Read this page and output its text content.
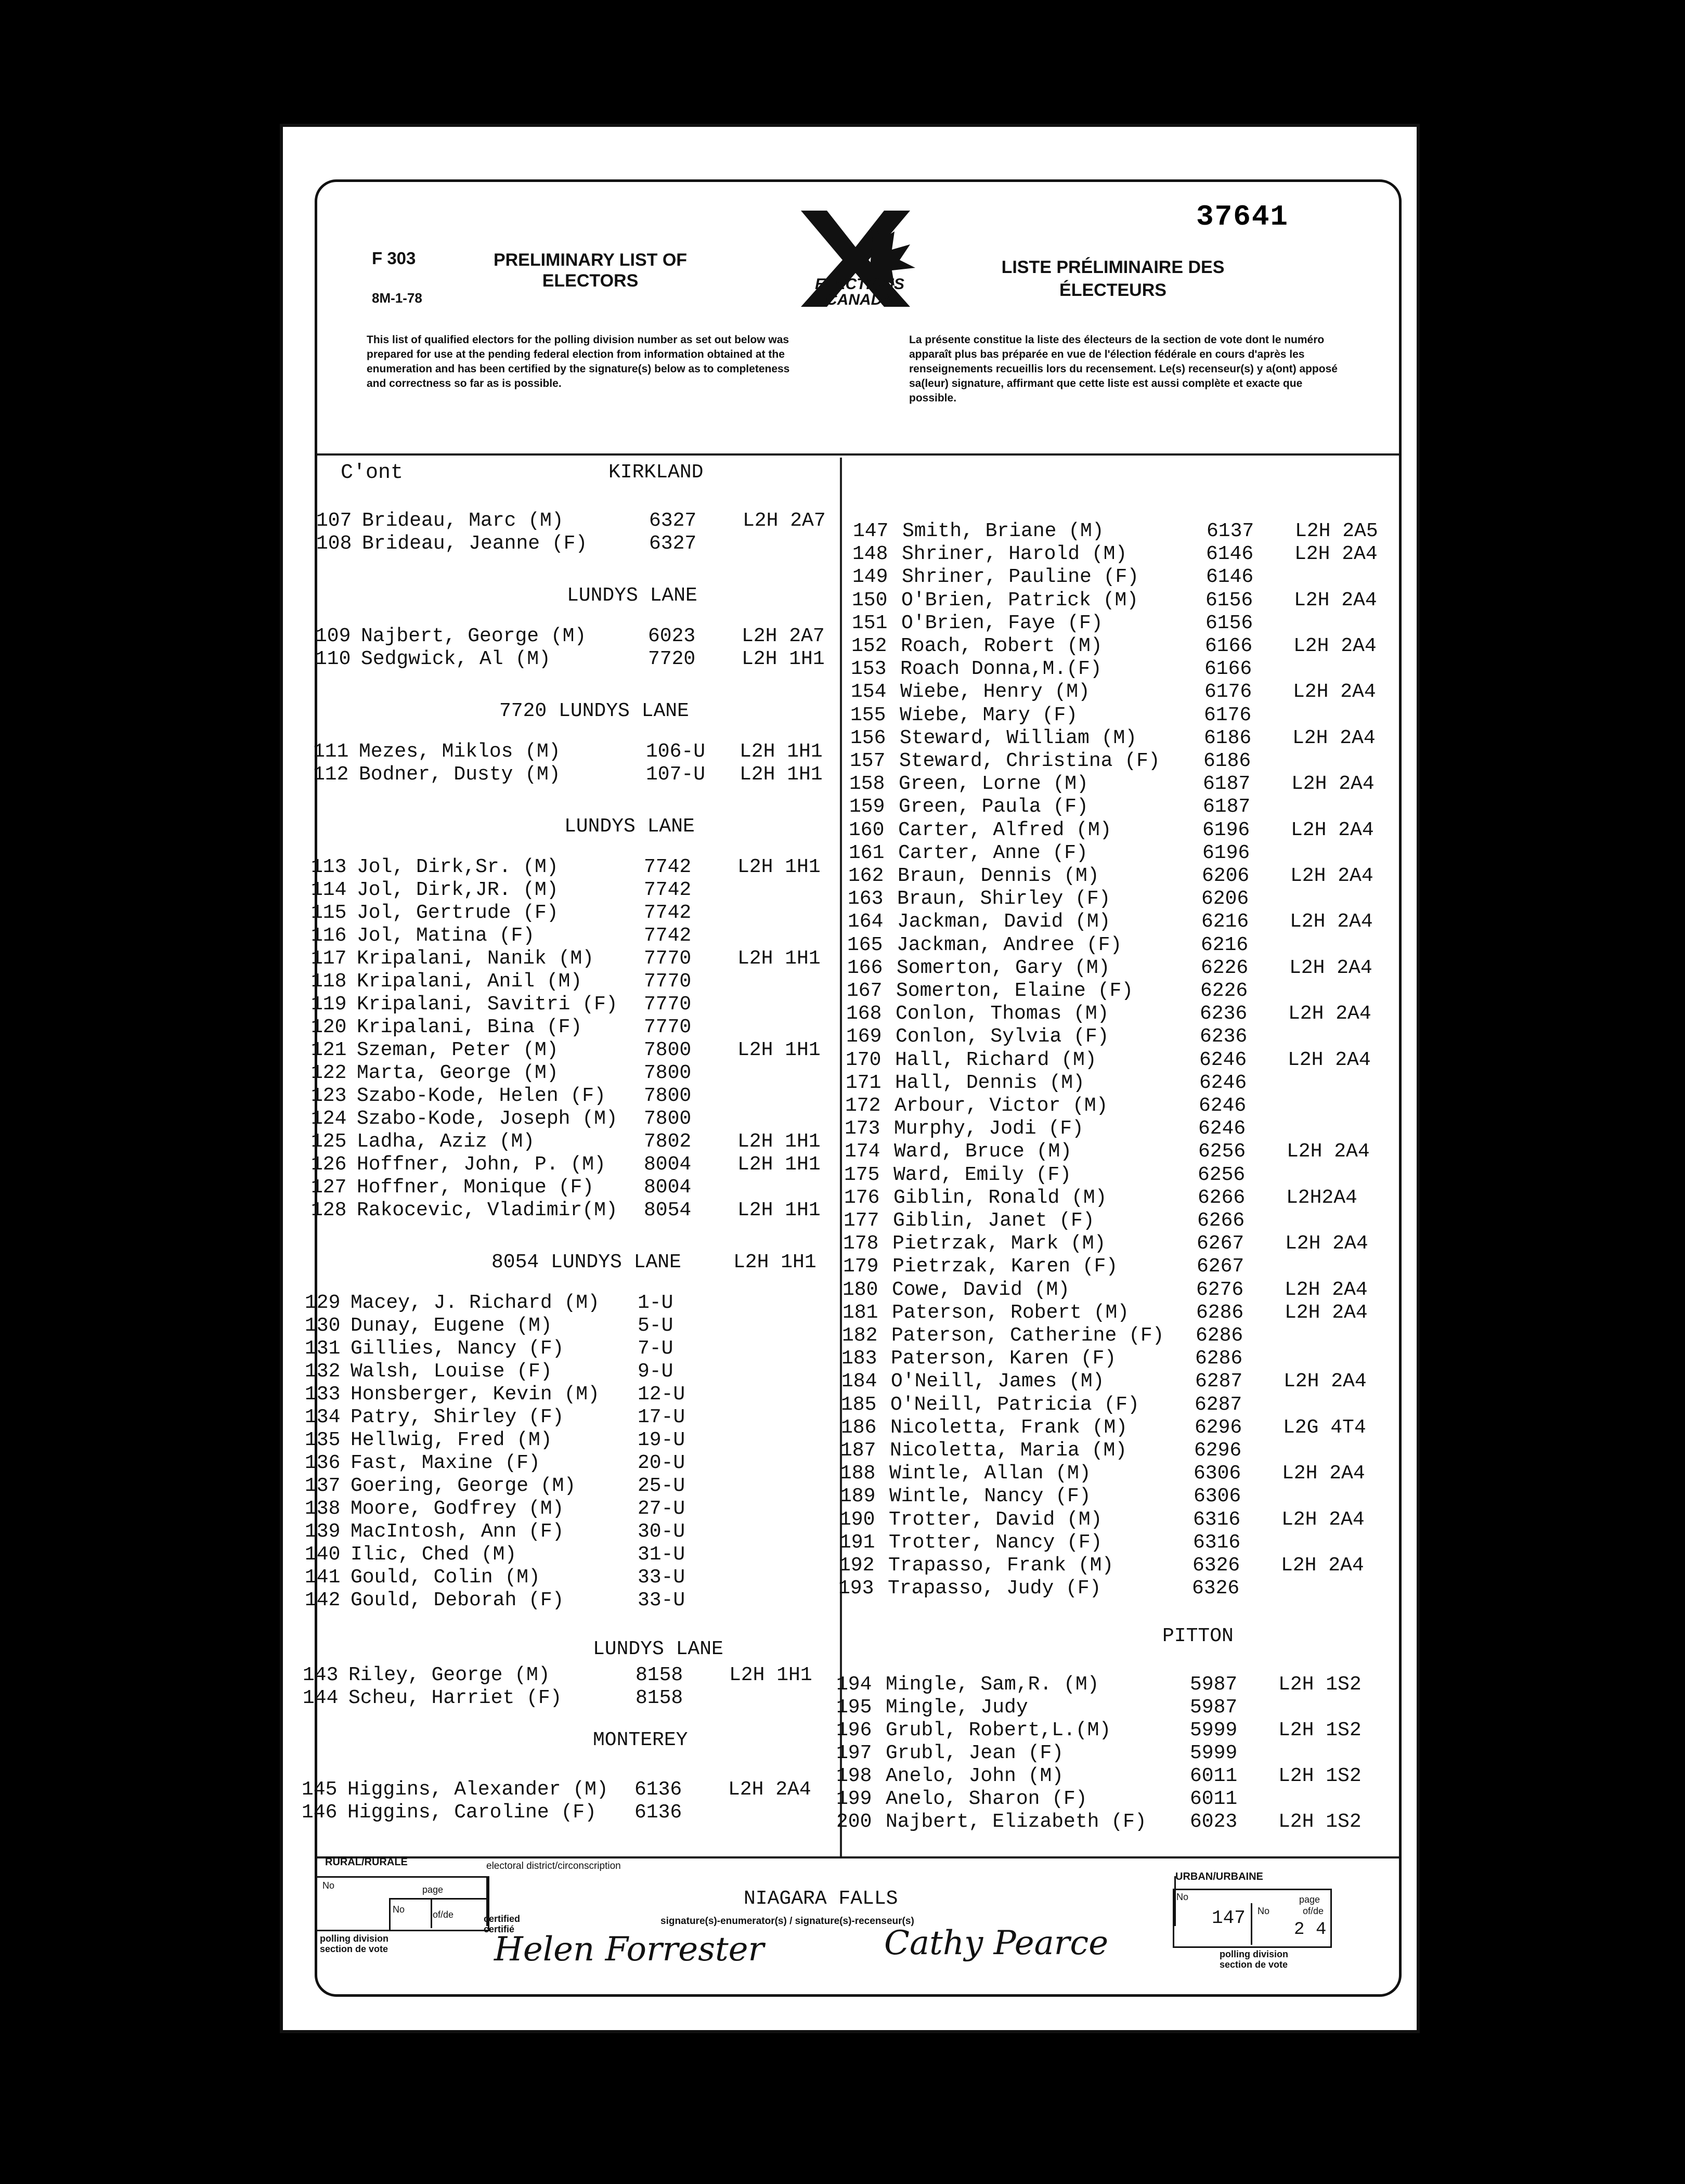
F 303
8M-1-78
PRELIMINARY LIST OF ELECTORS
LISTE PRÉLIMINAIRE DES ÉLECTEURS
37641
ELECTIONS
CANADA
This list of qualified electors for the polling division number as set out below was prepared for use at the pending federal election from information obtained at the enumeration and has been certified by the signature(s) below as to completeness and correctness so far as is possible.
La présente constitue la liste des électeurs de la section de vote dont le numéro apparaît plus bas préparée en vue de l'élection fédérale en cours d'après les renseignements recueillis lors du recensement. Le(s) recenseur(s) y a(ont) apposé sa(leur) signature, affirmant que cette liste est aussi complète et exacte que possible.
C'ont
107 Brideau, Marc (M)	6327 L2H 2A7
108 Brideau, Jeanne (F)	6327
109 Najbert, George (M)	6023 L2H 2A7
110 Sedgwick, Al (M)	7720 L2H 1H1
111 Mezes, Miklos (M)	106-U L2H 1H1
112 Bodner, Dusty (M)	107-U L2H 1H1
113 Jol, Dirk,Sr. (M)	7742 L2H 1H1
114 Jol, Dirk,JR. (M)	7742
115 Jol, Gertrude (F)	7742
116 Jol, Matina (F)	7742
117 Kripalani, Nanik (M)	7770 L2H 1H1
118 Kripalani, Anil (M)	7770
119 Kripalani, Savitri (F) 7770
120 Kripalani, Bina (F)	7770
121 Szeman, Peter (M)	7800 L2H 1H1
122 Marta, George (M)	7800
123 Szabo-Kode, Helen (F) 7800
124 Szabo-Kode, Joseph (M) 7800
125 Ladha, Aziz (M)	7802 L2H 1H1
126 Hoffner, John, P. (M) 8004 L2H 1H1
127 Hoffner, Monique (F)	8004
128 Rakocevic, Vladimir(M) 8054 L2H 1H1
129 Macey, J. Richard (M) 1-U
130 Dunay, Eugene (M)	5-U
131 Gillies, Nancy (F)	7-U
132 Walsh, Louise (F)	9-U
133 Honsberger, Kevin (M) 12-U
134 Patry, Shirley (F)	17-U
135 Hellwig, Fred (M)	19-U
136 Fast, Maxine (F)	20-U
137 Goering, George (M)	25-U
138 Moore, Godfrey (M)	27-U
139 MacIntosh, Ann (F)	30-U
140 Ilic, Ched (M)	31-U
141 Gould, Colin (M)	33-U
142 Gould, Deborah (F)	33-U
143 Riley, George (M)	8158 L2H 1H1
144 Scheu, Harriet (F)	8158
145 Higgins, Alexander (M) 6136 L2H 2A4
146 Higgins, Caroline (F) 6136
KIRKLAND
LUNDYS LANE
7720 LUNDYS LANE
LUNDYS LANE
8054 LUNDYS LANE
LUNDYS LANE
MONTEREY
L2H 1H1
147 Smith, Briane (M)	6137 L2H 2A5
148 Shriner, Harold (M)	6146 L2H 2A4
149 Shriner, Pauline (F)	6146
150 O'Brien, Patrick (M)	6156 L2H 2A4
151 O'Brien, Faye (F)	6156
152 Roach, Robert (M)	6166 L2H 2A4
153 Roach Donna,M.(F)	6166
154 Wiebe, Henry (M)	6176 L2H 2A4
155 Wiebe, Mary (F)	6176
156 Steward, William (M)	6186 L2H 2A4
157 Steward, Christina (F) 6186
158 Green, Lorne (M)	6187 L2H 2A4
159 Green, Paula (F)	6187
160 Carter, Alfred (M)	6196 L2H 2A4
161 Carter, Anne (F)	6196
162 Braun, Dennis (M)	6206 L2H 2A4
163 Braun, Shirley (F)	6206
164 Jackman, David (M)	6216 L2H 2A4
165 Jackman, Andree (F)	6216
166 Somerton, Gary (M)	6226 L2H 2A4
167 Somerton, Elaine (F)	6226
168 Conlon, Thomas (M)	6236 L2H 2A4
169 Conlon, Sylvia (F)	6236
170 Hall, Richard (M)	6246 L2H 2A4
171 Hall, Dennis (M)	6246
172 Arbour, Victor (M)	6246
173 Murphy, Jodi (F)	6246
174 Ward, Bruce (M)	6256 L2H 2A4
175 Ward, Emily (F)	6256
176 Giblin, Ronald (M)	6266 L2H2A4
177 Giblin, Janet (F)	6266
178 Pietrzak, Mark (M)	6267 L2H 2A4
179 Pietrzak, Karen (F)	6267
180 Cowe, David (M)	6276 L2H 2A4
181 Paterson, Robert (M)	6286 L2H 2A4
182 Paterson, Catherine (F) 6286
183 Paterson, Karen (F)	6286
184 O'Neill, James (M)	6287 L2H 2A4
185 O'Neill, Patricia (F)	6287
186 Nicoletta, Frank (M)	6296 L2G 4T4
187 Nicoletta, Maria (M)	6296
188 Wintle, Allan (M)	6306 L2H 2A4
189 Wintle, Nancy (F)	6306
190 Trotter, David (M)	6316 L2H 2A4
191 Trotter, Nancy (F)	6316
192 Trapasso, Frank (M)	6326 L2H 2A4
193 Trapasso, Judy (F)	6326
194 Mingle, Sam,R. (M)	5987 L2H 1S2
195 Mingle, Judy	5987
196 Grubl, Robert,L.(M)	5999 L2H 1S2
197 Grubl, Jean (F)	5999
198 Anelo, John (M)	6011 L2H 1S2
199 Anelo, Sharon (F)	6011
200 Najbert, Elizabeth (F) 6023 L2H 1S2
PITTON
RURAL/RURALE
URBAN/URBAINE
electoral district/circonscription
No	page
No	of/de
polling division
section de vote
NIAGARA FALLS
certified
certifié
signature(s)-enumerator(s) / signature(s)-recenseur(s)
No	page
No	of/de
147
2 4
polling division
section de vote
Helen Forrester	Cathy Pearce
